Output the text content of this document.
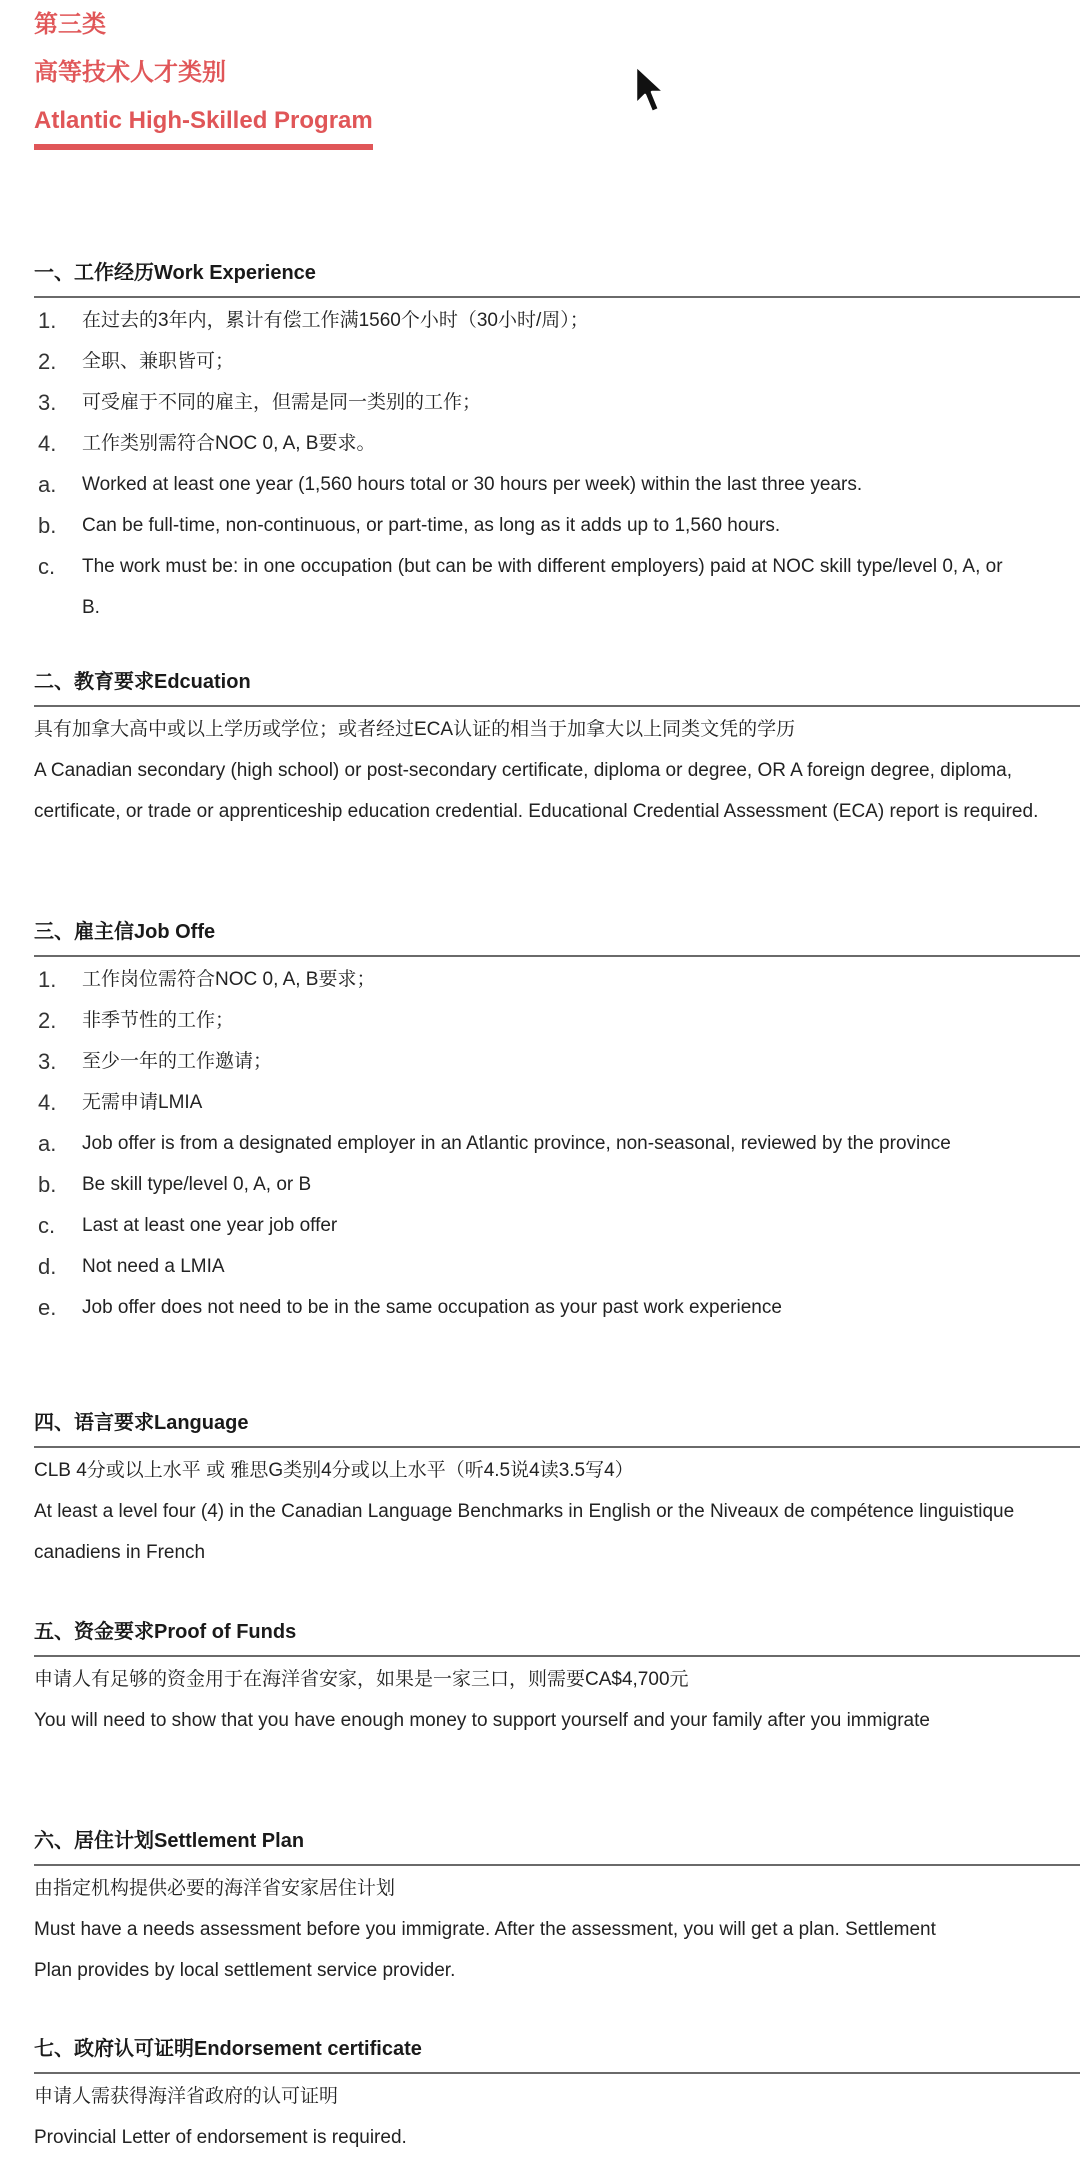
第三类
高等技术人才类别
Atlantic High-Skilled Program
一、工作经历Work Experience
1.	在过去的3年内，累计有偿工作满1560个小时（30小时/周）；
2.	全职、兼职皆可；
3.	可受雇于不同的雇主，但需是同一类别的工作；
4.	工作类别需符合NOC 0, A, B要求。
a.	Worked at least one year (1,560 hours total or 30 hours per week) within the last three years.
b.	Can be full-time, non-continuous, or part-time, as long as it adds up to 1,560 hours.
c.	The work must be: in one occupation (but can be with different employers) paid at NOC skill type/level 0, A, or B.
二、教育要求Edcuation
具有加拿大高中或以上学历或学位；或者经过ECA认证的相当于加拿大以上同类文凭的学历
A Canadian secondary (high school) or post-secondary certificate, diploma or degree, OR A foreign degree, diploma, certificate, or trade or apprenticeship education credential. Educational Credential Assessment (ECA) report is required.
三、雇主信Job Offe
1.	工作岗位需符合NOC 0, A, B要求；
2.	非季节性的工作；
3.	至少一年的工作邀请；
4.	无需申请LMIA
a.	Job offer is from a designated employer in an Atlantic province, non-seasonal, reviewed by the province
b.	Be skill type/level 0, A, or B
c.	Last at least one year job offer
d.	Not need a LMIA
e.	Job offer does not need to be in the same occupation as your past work experience
四、语言要求Language
CLB 4分或以上水平 或 雅思G类别4分或以上水平（听4.5说4读3.5写4）
At least a level four (4) in the Canadian Language Benchmarks in English or the Niveaux de compétence linguistique canadiens in French
五、资金要求Proof of Funds
申请人有足够的资金用于在海洋省安家，如果是一家三口，则需要CA$4,700元
You will need to show that you have enough money to support yourself and your family after you immigrate
六、居住计划Settlement Plan
由指定机构提供必要的海洋省安家居住计划
Must have a needs assessment before you immigrate. After the assessment, you will get a plan. Settlement Plan provides by local settlement service provider.
七、政府认可证明Endorsement certificate
申请人需获得海洋省政府的认可证明
Provincial Letter of endorsement is required.
